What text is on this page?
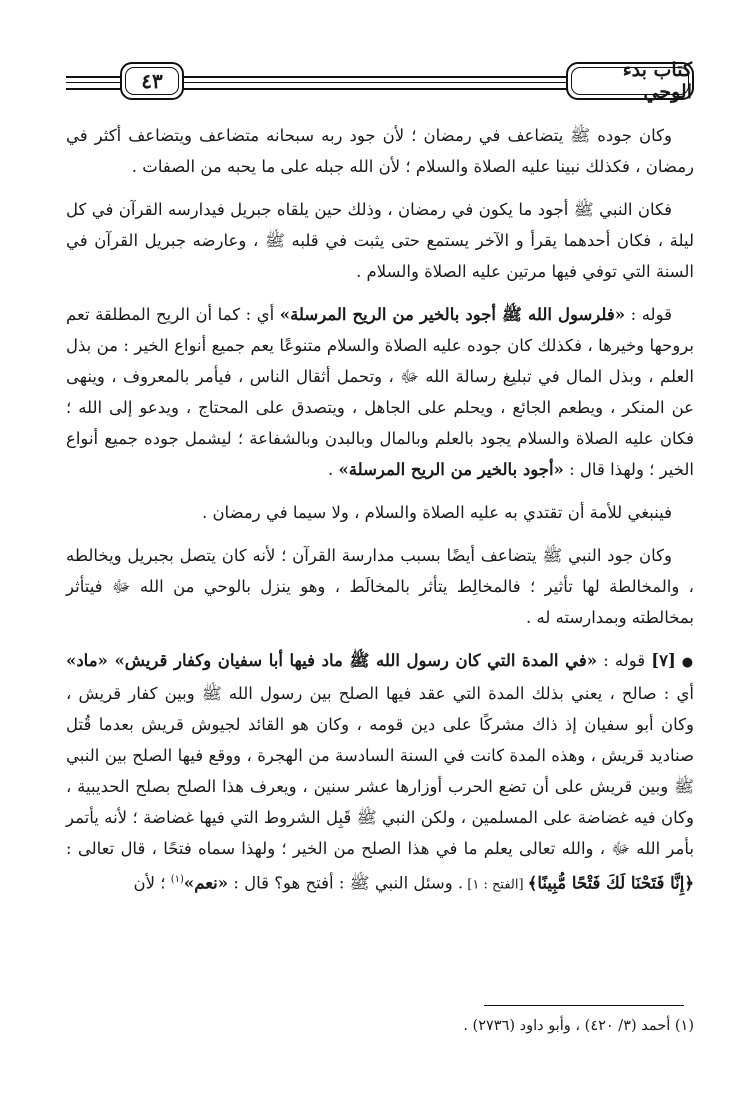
كتاب بدء الوحي
٤٣

وكان جوده ﷺ يتضاعف في رمضان ؛ لأن جود ربه سبحانه متضاعف ويتضاعف أكثر في رمضان ، فكذلك نبينا عليه الصلاة والسلام ؛ لأن الله جبله على ما يحبه من الصفات .

فكان النبي ﷺ أجود ما يكون في رمضان ، وذلك حين يلقاه جبريل فيدارسه القرآن في كل ليلة ، فكان أحدهما يقرأ و الآخر يستمع حتى يثبت في قلبه ﷺ ، وعارضه جبريل القرآن في السنة التي توفي فيها مرتين عليه الصلاة والسلام .

قوله : «فلرسول الله ﷺ أجود بالخير من الريح المرسلة» أي : كما أن الريح المطلقة تعم بروحها وخيرها ، فكذلك كان جوده عليه الصلاة والسلام متنوعًا يعم جميع أنواع الخير : من بذل العلم ، وبذل المال في تبليغ رسالة الله ﷻ ، وتحمل أثقال الناس ، فيأمر بالمعروف ، وينهى عن المنكر ، ويطعم الجائع ، ويحلم على الجاهل ، ويتصدق على المحتاج ، ويدعو إلى الله ؛ فكان عليه الصلاة والسلام يجود بالعلم وبالمال وبالبدن وبالشفاعة ؛ ليشمل جوده جميع أنواع الخير ؛ ولهذا قال : «أجود بالخير من الريح المرسلة» .

فينبغي للأمة أن تقتدي به عليه الصلاة والسلام ، ولا سيما في رمضان .

وكان جود النبي ﷺ يتضاعف أيضًا بسبب مدارسة القرآن ؛ لأنه كان يتصل بجبريل ويخالطه ، والمخالطة لها تأثير ؛ فالمخالِط يتأثر بالمخالَط ، وهو ينزل بالوحي من الله ﷻ فيتأثر بمخالطته وبمدارسته له .

●[٧] قوله : «في المدة التي كان رسول الله ﷺ ماد فيها أبا سفيان وكفار قريش» «ماد» أي : صالح ، يعني بذلك المدة التي عقد فيها الصلح بين رسول الله ﷺ وبين كفار قريش ، وكان أبو سفيان إذ ذاك مشركًا على دين قومه ، وكان هو القائد لجيوش قريش بعدما قُتل صناديد قريش ، وهذه المدة كانت في السنة السادسة من الهجرة ، ووقع فيها الصلح بين النبي ﷺ وبين قريش على أن تضع الحرب أوزارها عشر سنين ، ويعرف هذا الصلح بصلح الحديبية ، وكان فيه غضاضة على المسلمين ، ولكن النبي ﷺ قَبِل الشروط التي فيها غضاضة ؛ لأنه يأتمر بأمر الله ﷻ ، والله تعالى يعلم ما في هذا الصلح من الخير ؛ ولهذا سماه فتحًا ، قال تعالى : ﴿إِنَّا فَتَحْنَا لَكَ فَتْحًا مُّبِينًا﴾ [الفتح : ١] . وسئل النبي ﷺ : أفتح هو؟ قال : «نعم»$^{(١)}$ ؛ لأن

(١) أحمد (٣/ ٤٢٠) ، وأبو داود (٢٧٣٦) .
